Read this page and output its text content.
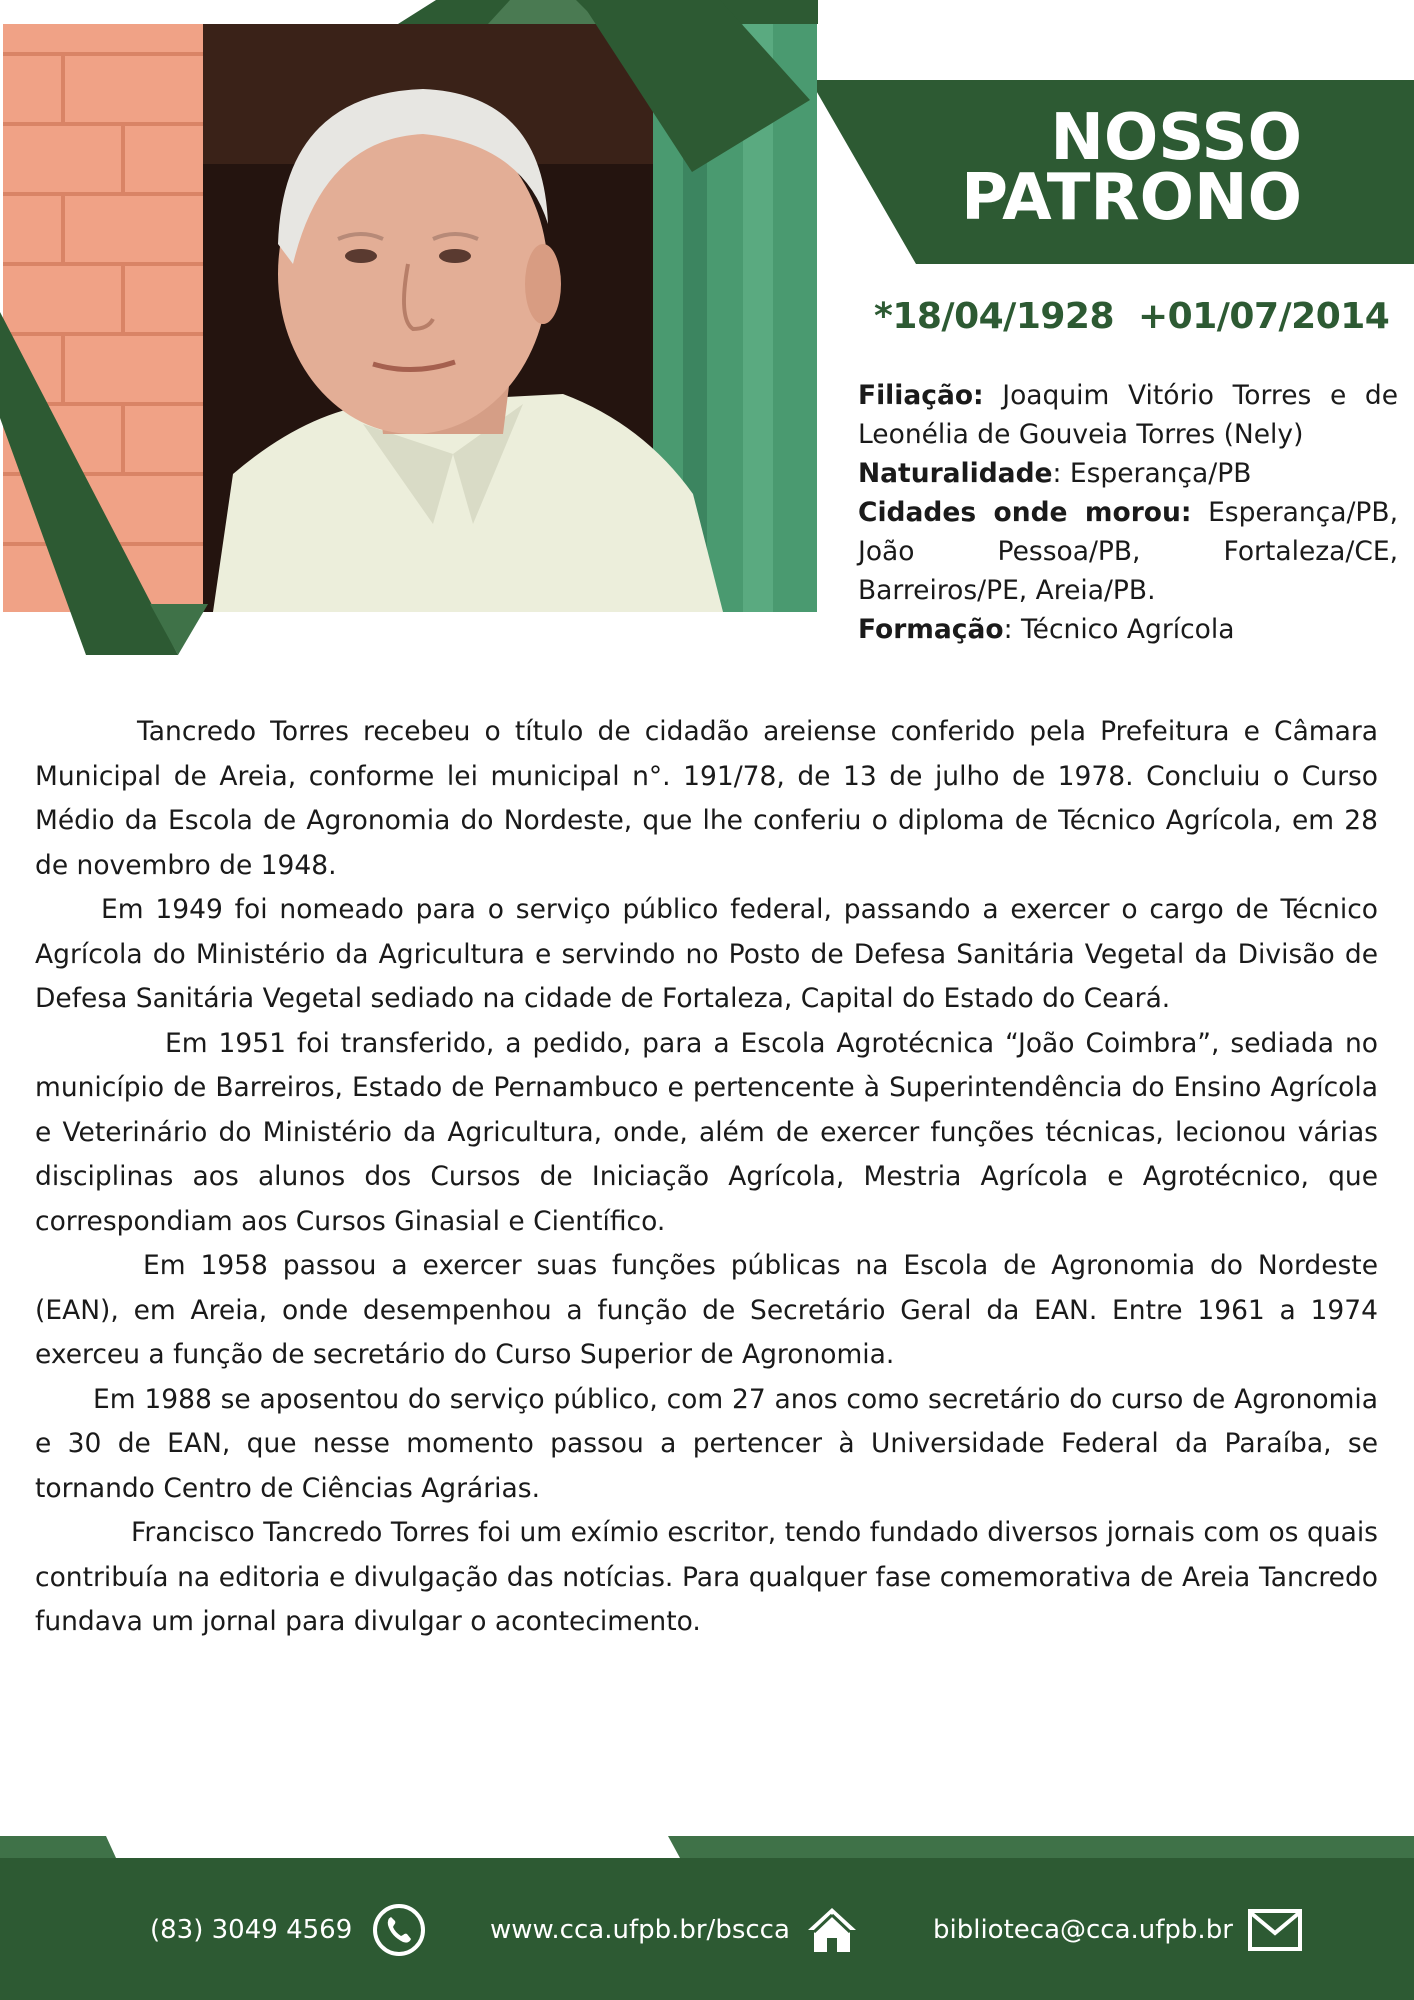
NOSSO
PATRONO
*18/04/1928 +01/07/2014

Filiação: Joaquim Vitório Torres e de Leonélia de Gouveia Torres (Nely)

Naturalidade: Esperança/PB

Cidades onde morou: Esperança/PB, João Pessoa/PB, Fortaleza/CE, Barreiros/PE, Areia/PB.

Formação: Técnico Agrícola

Tancredo Torres recebeu o título de cidadão areiense conferido pela Prefeitura e Câmara Municipal de Areia, conforme lei municipal n°. 191/78, de 13 de julho de 1978. Concluiu o Curso Médio da Escola de Agronomia do Nordeste, que lhe conferiu o diploma de Técnico Agrícola, em 28 de novembro de 1948.

Em 1949 foi nomeado para o serviço público federal, passando a exercer o cargo de Técnico Agrícola do Ministério da Agricultura e servindo no Posto de Defesa Sanitária Vegetal da Divisão de Defesa Sanitária Vegetal sediado na cidade de Fortaleza, Capital do Estado do Ceará.

Em 1951 foi transferido, a pedido, para a Escola Agrotécnica “João Coimbra”, sediada no município de Barreiros, Estado de Pernambuco e pertencente à Superintendência do Ensino Agrícola e Veterinário do Ministério da Agricultura, onde, além de exercer funções técnicas, lecionou várias disciplinas aos alunos dos Cursos de Iniciação Agrícola, Mestria Agrícola e Agrotécnico, que correspondiam aos Cursos Ginasial e Científico.

Em 1958 passou a exercer suas funções públicas na Escola de Agronomia do Nordeste (EAN), em Areia, onde desempenhou a função de Secretário Geral da EAN. Entre 1961 a 1974 exerceu a função de secretário do Curso Superior de Agronomia.

Em 1988 se aposentou do serviço público, com 27 anos como secretário do curso de Agronomia e 30 de EAN, que nesse momento passou a pertencer à Universidade Federal da Paraíba, se tornando Centro de Ciências Agrárias.

Francisco Tancredo Torres foi um exímio escritor, tendo fundado diversos jornais com os quais contribuía na editoria e divulgação das notícias. Para qualquer fase comemorativa de Areia Tancredo fundava um jornal para divulgar o acontecimento.

(83) 3049 4569	www.cca.ufpb.br/bscca	biblioteca@cca.ufpb.br
